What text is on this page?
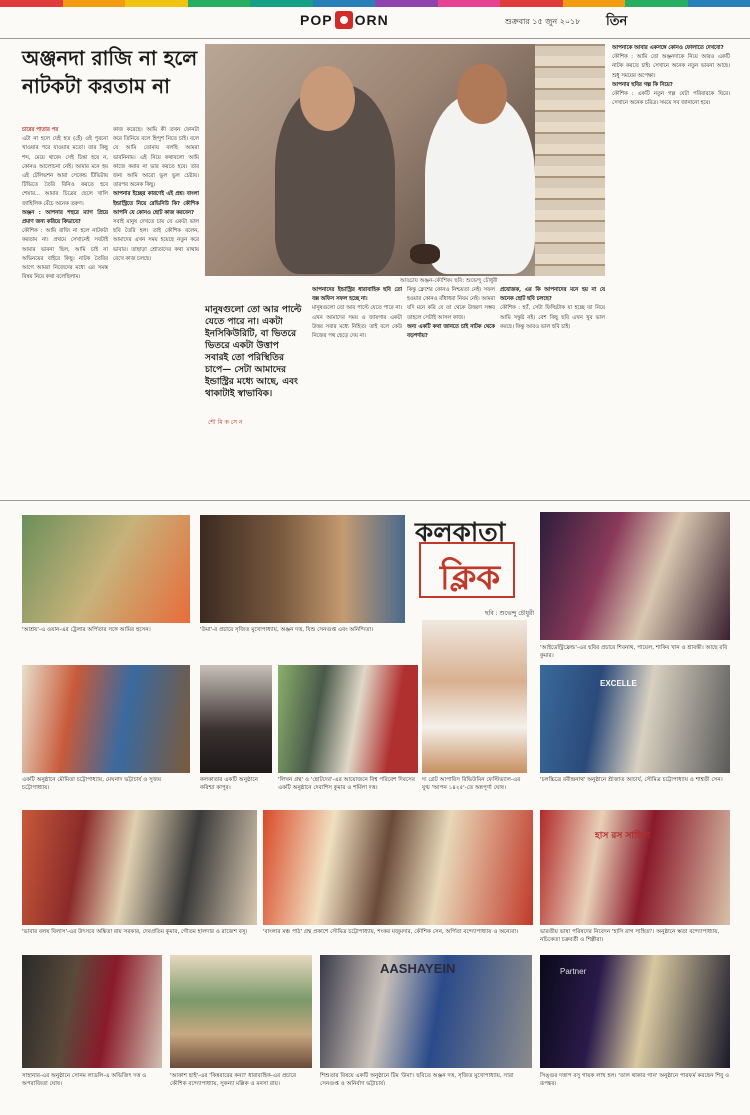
POP ORN	শুক্রবার ১৫ জুন ২০১৮ তিন
অঞ্জনদা রাজি না হলে নাটকটা করতাম না
চারের পাতার পর
এটা না হলে যেই হত (হেঁ) ওই পুরনো খাওয়ার পরে যাওয়ার মতো। তার কিছু শব্দ, মেয়ে থাকে। সেই চিন্তা হয়ে ন, কোনও আলোচনা নেই। আমার মনে হয় এই টেলিভশন আরা সেকেন্ড টিভিটায় টিভিতে তৈরি বিনিও করতে হবে শেয়ার... আমার চিত্রের ছেলে খালি জাহিলিক বেঁচে অনেক তরুণ।
অঞ্জন : আপনার শহুরে ম্যাগ প্রিয়ে প্রমাণ জন্য করিয়ে কিভাবে?
কৌশিক : আমি রাজি না হলে নাটকটা করতাম না। প্রথমে সেখানেই সবটাই আমার ভাবনা ছিল, আমি চাই না অভিনয়ের বাইরে কিছু। নাটক তৈরির আগে আমরা নিজেদের মধ্যে এর সমস্ত বিষয় নিয়ে কথা বলেছিলাম।
কাজ করেছে। আমি কী তখন ফোনটা করে তিনিয়ে বলে হিন্দুশ নিতে চাই। বলে যে আমি তোমায় বলছি আমরা ভাবনিনাম। এই নিয়ে কথাবলো আমি কাজে করার না ভার করতে হবে। তার জন্য আমি আরো ভুল ভুল চেষ্টায়। তারপর অনেক কিছু।
আপনার ইচ্ছের কারণেই এই প্রশ্ন। বাংলা ইন্ডাস্ট্রিতে নিয়ে রেভিনিউ কি? কৌশিক আপনি যে কোনও ছোট কাজ করবেন?
সবাই মানুষ দেখতে চায় যে একটা ভাল ছবি তৈরি হল। তাই কৌশিক বলেন, আমাদের এখন সময় হয়েছে নতুন করে ভাবার। তাছাড়া শ্রোতাদের কথা মাথায় রেখে কাজ চলছে।
আড্ডায় অঞ্জন-কৌশিক। ছবি: শুভেন্দু চৌধুরী
আপনাকে আবার একসঙ্গে কোনও ফোলাতে দেখবো?
কৌশিক : আমি তো অঞ্জনদাকে নিয়ে আরও একটি নাটক করতে চাই। সেখানে অনেক নতুন ভাবনা আছে। শুধু সময়ের অপেক্ষা।
আপনার ছবির গল্প কি নিয়ে?
কৌশিক : একটি নতুন গল্প যেটা পরিবারকে ঘিরে। সেখানে অনেক চরিত্র। সময়ে সব জানানো হবে।
মানুষগুলো তো আর পাল্টে যেতে পারে না। একটা ইনসিকিউরিটি, বা ভিতরে ভিতরে একটা উত্তাপ সবারই তো পরিস্থিতির চাপে— সেটা আমাদের ইন্ডাস্ট্রির মধ্যে আছে, এবং থাকাটাই স্বাভাবিক।
শৌ মি ক সে ন
আপনাদের ইন্ডাস্ট্রির ধারাবাহিক ছবি তো বক্স অফিস সফল হচ্ছে না।
মানুষগুলো তো আর পাল্টে যেতে পারে না। এখন আমাদের সময় ও জায়গার একটা উত্তর সবার মধ্যে নিহিত। তাই বলে কেউ নিজের পথ ছেড়ে দেয় না।
কিন্তু ক্লেশের কোনও নিশ্চয়তা নেই। সফল হওয়ার কোনও বাঁধাধরা নিয়ম নেই। আমরা যদি মনে করি যে তা থেকে উত্তরণ সম্ভব তাহলে সেটাই আসল কাজ।
অন্য একটি কথা জানতে চাই নাটক থেকে বড়পর্দায়?
প্রযোজক, এর কি আপনাদের মনে হয় না যে অনেক ছোট ছবি চলছে?
কৌশিক : হ্যাঁ, সেটা ফিল্মিটাক যা হচ্ছে তা নিয়ে আমি সন্তুষ্ট নই। বেশ কিছু ছবি এখন খুব ভাল করছে। কিন্তু আরও ভাল ছবি চাই।
'আশ্রয়'-এ ওয়ান-এর ট্রেলার অর্পিতার সঙ্গে আমির হুসেন।	'উমা'-র প্রচারে সৃজিত মুখোপাধ্যায়, অঞ্জন দত্ত, যিশু সেনগুপ্ত এবং অনিন্দিতা।
কলকাতা
ক্লিক
ছবি : শুভেন্দু চৌধুরী
'আইডেন্ট্রিফ্রেন্ড'-এর ছবির প্রচারে শিবনাথ, পায়েল, শাকিব খান ও শ্রাবন্তী। আছে রবি কুমার।
একটি অনুষ্ঠানে মৌমিতা চট্টোপাধ্যায়, মেঘনাদ ভট্টাচার্য ও সুজয় চট্টোপাধ্যায়।
কলকাতার একটি অনুষ্ঠানে করিশ্মা কাপুর।
'লিখন গ্রন্থ' ও 'ছোটদের'-এর আয়োজনে বিশ্ব পরিবেশ দিবসের একটি অনুষ্ঠানে দেবাশিস কুমার ও শর্মিলা দত্ত।
দ্য গ্রেট আপারিস রিভিউমিন ফেস্টিভ্যাল-এর যুগ্ম 'আপন ১৪২৫'-তে অন্নপূর্ণা ঘোষ।
EXCELLE
'চলচ্চিত্রে রবীন্দ্রনাথ' অনুষ্ঠানে শ্রীজাত আচার্য, সৌমিত্র চট্টোপাধ্যায় ও শাশ্বতী সেন।
'ভাবার বলয় বিলাস'-এর উৎসবে অঙ্কিতা রায় সরকার, দেবপ্রতিম কুমার, গৌতম হালদার ও রাজেশ বসু।	'বাংলার মঞ্চ পাঠ' গ্রন্থ প্রকাশে সৌমিত্র চট্টোপাধ্যায়, শংকর মজুমদার, কৌশিক সেন, অর্পিতা বন্দ্যোপাধ্যায় ও অন্যেরা।
হাস রস সাহিত্য
ভারতীয় ভাষা পরিষদের নিবেদন 'হাসি রাগ সাহিত্য'। অনুষ্ঠানে ঋতা বন্দ্যোপাধ্যায়, নচিকেতা চক্রবর্তী ও শিল্পীরা।
সাহানার-এর অনুষ্ঠানে সোনম লাডলি-এ অভিজিৎ দত্ত ও অপরাজিতা ঘোষ।
'আকাশ ছাই'-এর 'কিন্নরারের কন্যা' ধারাবাহিক-এর প্রচারে কৌশিক বন্দ্যোপাধ্যায়, সুকন্যা মল্লিক ও মনসা রায়।
AASHAYEIN
শিশুতার বিষয়ে একটি অনুষ্ঠানে টিম 'উমা'। ছবিতে অঞ্জন দত্ত, সৃজিত মুখোপাধ্যায়, সারা সেনগুপ্ত ও অনির্বাণ ভট্টাচার্য।
Partner
সিঙ্গুর দত্তাপ বসু গায়ক লাখ হল। 'তাল থাকার গান' অনুষ্ঠানে পারফর্ম করছেন শিবু ও রূপঙ্কর।
